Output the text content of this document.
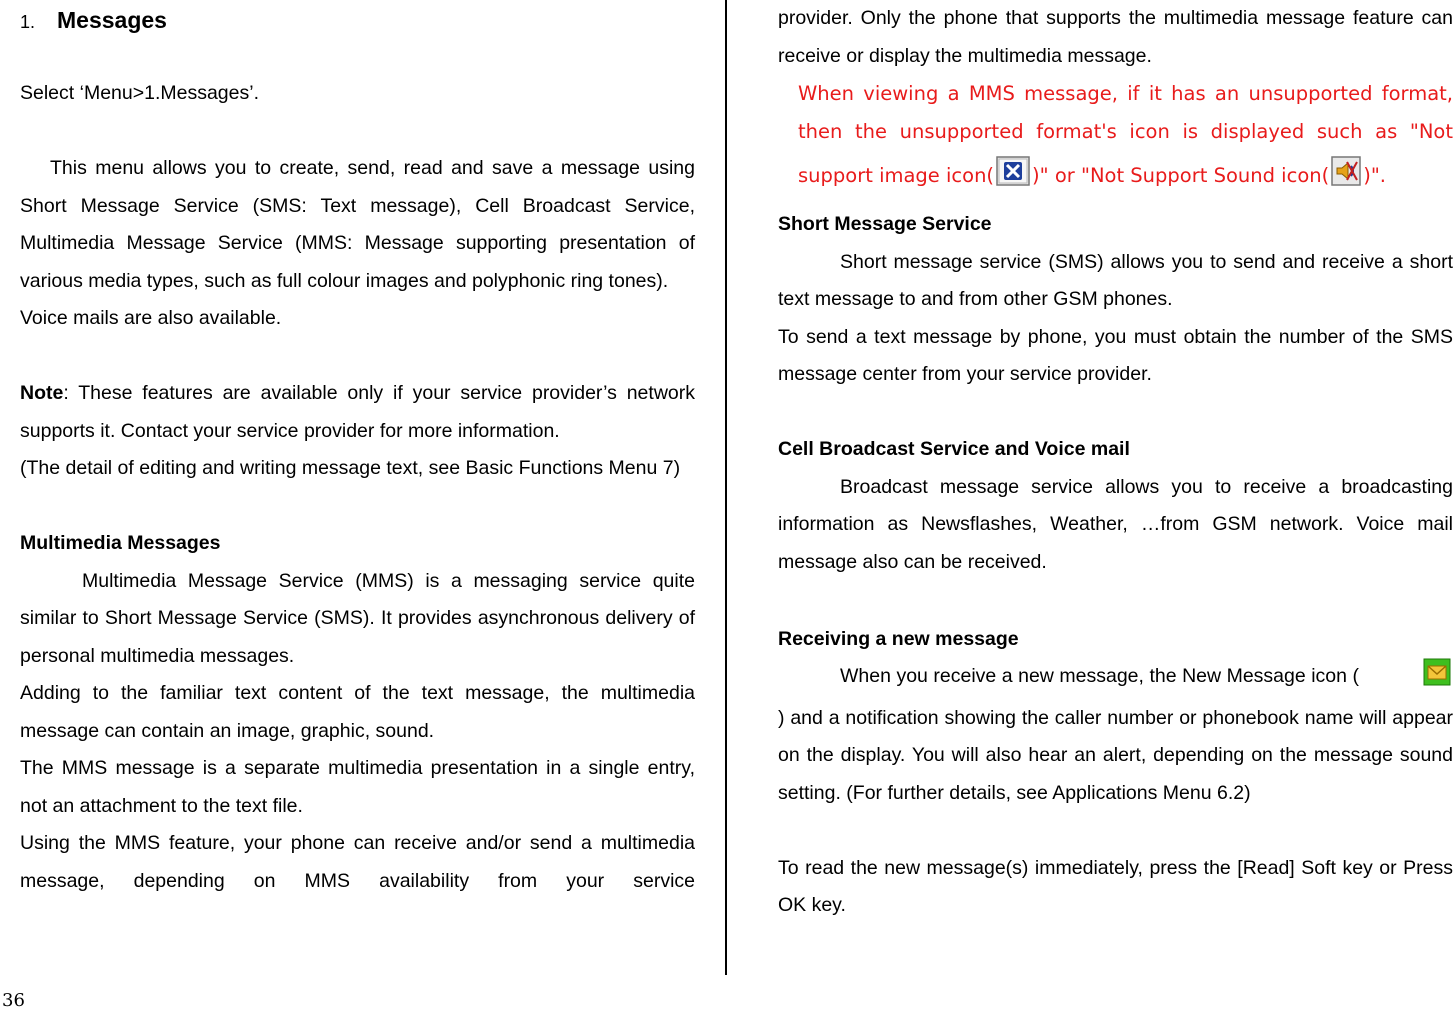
1. Messages
Select ‘Menu>1.Messages’.
This menu allows you to create, send, read and save a message using Short Message Service (SMS: Text message), Cell Broadcast Service, Multimedia Message Service (MMS: Message supporting presentation of various media types, such as full colour images and polyphonic ring tones).
Voice mails are also available.
Note: These features are available only if your service provider’s network supports it. Contact your service provider for more information.
(The detail of editing and writing message text, see Basic Functions Menu 7)
Multimedia Messages
Multimedia Message Service (MMS) is a messaging service quite similar to Short Message Service (SMS). It provides asynchronous delivery of personal multimedia messages.
Adding to the familiar text content of the text message, the multimedia message can contain an image, graphic, sound.
The MMS message is a separate multimedia presentation in a single entry, not an attachment to the text file.
Using the MMS feature, your phone can receive and/or send a multimedia message, depending on MMS availability from your service
provider. Only the phone that supports the multimedia message feature can receive or display the multimedia message.
When viewing a MMS message, if it has an unsupported format,
then the unsupported format's icon is displayed such as "Not
support image icon( )" or "Not Support Sound icon( )".
Short Message Service
Short message service (SMS) allows you to send and receive a short text message to and from other GSM phones.
To send a text message by phone, you must obtain the number of the SMS message center from your service provider.
Cell Broadcast Service and Voice mail
Broadcast message service allows you to receive a broadcasting information as Newsflashes, Weather, …from GSM network. Voice mail message also can be received.
Receiving a new message
When you receive a new message, the New Message icon () and a notification showing the caller number or phonebook name will appear on the display. You will also hear an alert, depending on the message sound setting. (For further details, see Applications Menu 6.2)
To read the new message(s) immediately, press the [Read] Soft key or Press OK key.
36
